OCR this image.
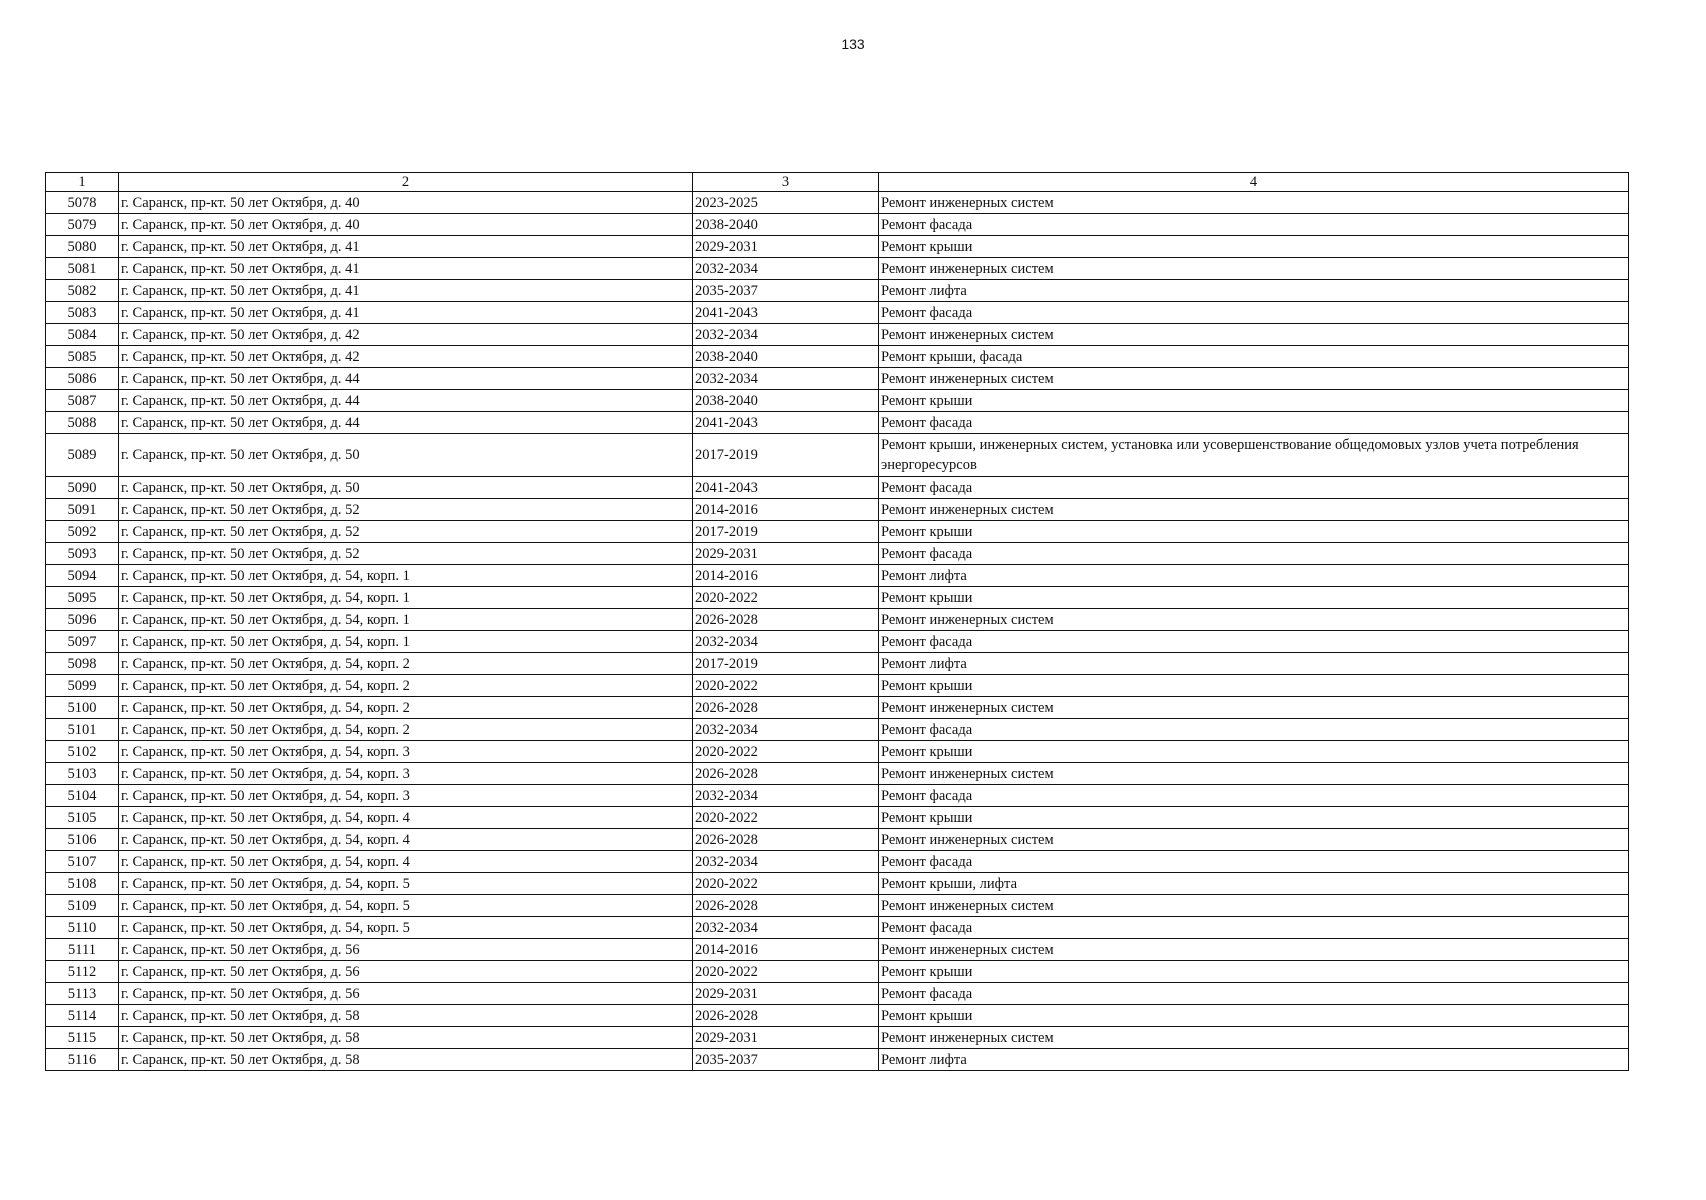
133
1	2	3	4
5078	г. Саранск, пр-кт. 50 лет Октября, д. 40	2023-2025	Ремонт инженерных систем
5079	г. Саранск, пр-кт. 50 лет Октября, д. 40	2038-2040	Ремонт фасада
5080	г. Саранск, пр-кт. 50 лет Октября, д. 41	2029-2031	Ремонт крыши
5081	г. Саранск, пр-кт. 50 лет Октября, д. 41	2032-2034	Ремонт инженерных систем
5082	г. Саранск, пр-кт. 50 лет Октября, д. 41	2035-2037	Ремонт лифта
5083	г. Саранск, пр-кт. 50 лет Октября, д. 41	2041-2043	Ремонт фасада
5084	г. Саранск, пр-кт. 50 лет Октября, д. 42	2032-2034	Ремонт инженерных систем
5085	г. Саранск, пр-кт. 50 лет Октября, д. 42	2038-2040	Ремонт крыши, фасада
5086	г. Саранск, пр-кт. 50 лет Октября, д. 44	2032-2034	Ремонт инженерных систем
5087	г. Саранск, пр-кт. 50 лет Октября, д. 44	2038-2040	Ремонт крыши
5088	г. Саранск, пр-кт. 50 лет Октября, д. 44	2041-2043	Ремонт фасада
5089	г. Саранск, пр-кт. 50 лет Октября, д. 50	2017-2019	Ремонт крыши, инженерных систем, установка или усовершенствование общедомовых узлов учета потребления энергоресурсов
5090	г. Саранск, пр-кт. 50 лет Октября, д. 50	2041-2043	Ремонт фасада
5091	г. Саранск, пр-кт. 50 лет Октября, д. 52	2014-2016	Ремонт инженерных систем
5092	г. Саранск, пр-кт. 50 лет Октября, д. 52	2017-2019	Ремонт крыши
5093	г. Саранск, пр-кт. 50 лет Октября, д. 52	2029-2031	Ремонт фасада
5094	г. Саранск, пр-кт. 50 лет Октября, д. 54, корп. 1	2014-2016	Ремонт лифта
5095	г. Саранск, пр-кт. 50 лет Октября, д. 54, корп. 1	2020-2022	Ремонт крыши
5096	г. Саранск, пр-кт. 50 лет Октября, д. 54, корп. 1	2026-2028	Ремонт инженерных систем
5097	г. Саранск, пр-кт. 50 лет Октября, д. 54, корп. 1	2032-2034	Ремонт фасада
5098	г. Саранск, пр-кт. 50 лет Октября, д. 54, корп. 2	2017-2019	Ремонт лифта
5099	г. Саранск, пр-кт. 50 лет Октября, д. 54, корп. 2	2020-2022	Ремонт крыши
5100	г. Саранск, пр-кт. 50 лет Октября, д. 54, корп. 2	2026-2028	Ремонт инженерных систем
5101	г. Саранск, пр-кт. 50 лет Октября, д. 54, корп. 2	2032-2034	Ремонт фасада
5102	г. Саранск, пр-кт. 50 лет Октября, д. 54, корп. 3	2020-2022	Ремонт крыши
5103	г. Саранск, пр-кт. 50 лет Октября, д. 54, корп. 3	2026-2028	Ремонт инженерных систем
5104	г. Саранск, пр-кт. 50 лет Октября, д. 54, корп. 3	2032-2034	Ремонт фасада
5105	г. Саранск, пр-кт. 50 лет Октября, д. 54, корп. 4	2020-2022	Ремонт крыши
5106	г. Саранск, пр-кт. 50 лет Октября, д. 54, корп. 4	2026-2028	Ремонт инженерных систем
5107	г. Саранск, пр-кт. 50 лет Октября, д. 54, корп. 4	2032-2034	Ремонт фасада
5108	г. Саранск, пр-кт. 50 лет Октября, д. 54, корп. 5	2020-2022	Ремонт крыши, лифта
5109	г. Саранск, пр-кт. 50 лет Октября, д. 54, корп. 5	2026-2028	Ремонт инженерных систем
5110	г. Саранск, пр-кт. 50 лет Октября, д. 54, корп. 5	2032-2034	Ремонт фасада
5111	г. Саранск, пр-кт. 50 лет Октября, д. 56	2014-2016	Ремонт инженерных систем
5112	г. Саранск, пр-кт. 50 лет Октября, д. 56	2020-2022	Ремонт крыши
5113	г. Саранск, пр-кт. 50 лет Октября, д. 56	2029-2031	Ремонт фасада
5114	г. Саранск, пр-кт. 50 лет Октября, д. 58	2026-2028	Ремонт крыши
5115	г. Саранск, пр-кт. 50 лет Октября, д. 58	2029-2031	Ремонт инженерных систем
5116	г. Саранск, пр-кт. 50 лет Октября, д. 58	2035-2037	Ремонт лифта
